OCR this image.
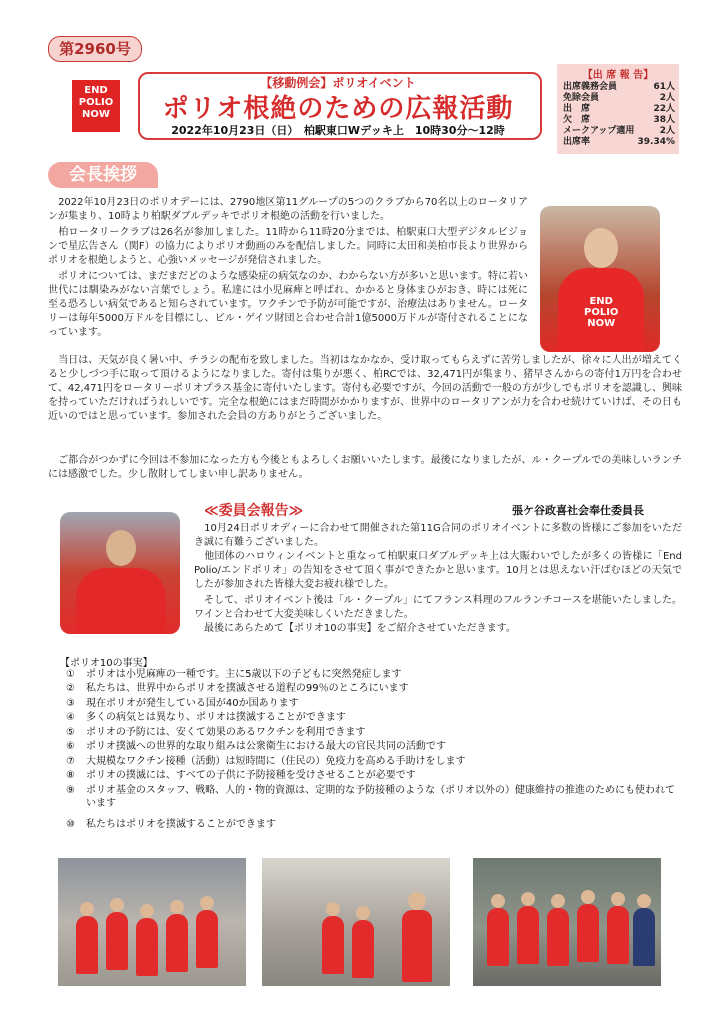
第2960号
END
POLIO
NOW
【移動例会】ポリオイベント
ポリオ根絶のための広報活動
2022年10月23日（日）　柏駅東口Wデッキ上　10時30分～12時
【出 席 報 告】
出席義務会員	61人
免除会員	2人
出　席	22人
欠　席	38人
メークアップ適用	2人
出席率	39.34%
会長挨拶
　2022年10月23日のポリオデーには、2790地区第11グループの5つのクラブから70名以上のロータリアンが集まり、10時より柏駅ダブルデッキでポリオ根絶の活動を行いました。
　柏ロータリークラブは26名が参加しました。11時から11時20分までは、柏駅東口大型デジタルビジョンで星広告さん（関F）の協力によりポリオ動画のみを配信しました。同時に太田和美柏市長より世界からポリオを根絶しようと、心強いメッセージが発信されました。
　ポリオについては、まだまだどのような感染症の病気なのか、わからない方が多いと思います。特に若い世代には馴染みがない言葉でしょう。私達には小児麻痺と呼ばれ、かかると身体まひがおき、時には死に至る恐ろしい病気であると知らされています。ワクチンで予防が可能ですが、治療法はありません。ロータリーは毎年5000万ドルを目標にし、ビル・ゲイツ財団と合わせ合計1億5000万ドルが寄付されることになっています。
　当日は、天気が良く暑い中、チラシの配布を致しました。当初はなかなか、受け取ってもらえずに苦労しましたが、徐々に人出が増えてくると少しづつ手に取って頂けるようになりました。寄付は集りが悪く、柏RCでは、32,471円が集まり、猪早さんからの寄付1万円を合わせて、42,471円をロータリーポリオプラス基金に寄付いたします。寄付も必要ですが、今回の活動で一般の方が少しでもポリオを認識し、興味を持っていただければうれしいです。完全な根絶にはまだ時間がかかりますが、世界中のロータリアンが力を合わせ続けていけば、その日も近いのではと思っています。参加された会員の方ありがとうございました。
　ご都合がつかずに今回は不参加になった方も今後ともよろしくお願いいたします。最後になりましたが、ル・クープルでの美味しいランチには感激でした。少し散財してしまい申し訳ありません。
END
POLIO
NOW
≪委員会報告≫	張ケ谷政喜社会奉仕委員長
　10月24日ポリオディーに合わせて開催された第11G合同のポリオイベントに多数の皆様にご参加をいただき誠に有難うございました。
　他団体のハロウィンイベントと重なって柏駅東口ダブルデッキ上は大賑わいでしたが多くの皆様に「End Polio/エンドポリオ」の告知をさせて頂く事ができたかと思います。10月とは思えない汗ばむほどの天気でしたが参加された皆様大変お疲れ様でした。
　そして、ポリオイベント後は「ル・クープル」にてフランス料理のフルランチコースを堪能いたしました。ワインと合わせて大変美味しくいただきました。
　最後にあらためて【ポリオ10の事実】をご紹介させていただきます。
【ポリオ10の事実】
① ポリオは小児麻痺の一種です。主に5歳以下の子どもに突然発症します
② 私たちは、世界中からポリオを撲滅させる道程の99％のところにいます
③ 現在ポリオが発生している国が40か国あります
④ 多くの病気とは異なり、ポリオは撲滅することができます
⑤ ポリオの予防には、安くて効果のあるワクチンを利用できます
⑥ ポリオ撲滅への世界的な取り組みは公衆衛生における最大の官民共同の活動です
⑦ 大規模なワクチン接種（活動）は短時間に（住民の）免疫力を高める手助けをします
⑧ ポリオの撲滅には、すべての子供に予防接種を受けさせることが必要です
⑨ ポリオ基金のスタッフ、戦略、人的・物的資源は、定期的な予防接種のような（ポリオ以外の）健康維持の推進のためにも使われています
⑩ 私たちはポリオを撲滅することができます
